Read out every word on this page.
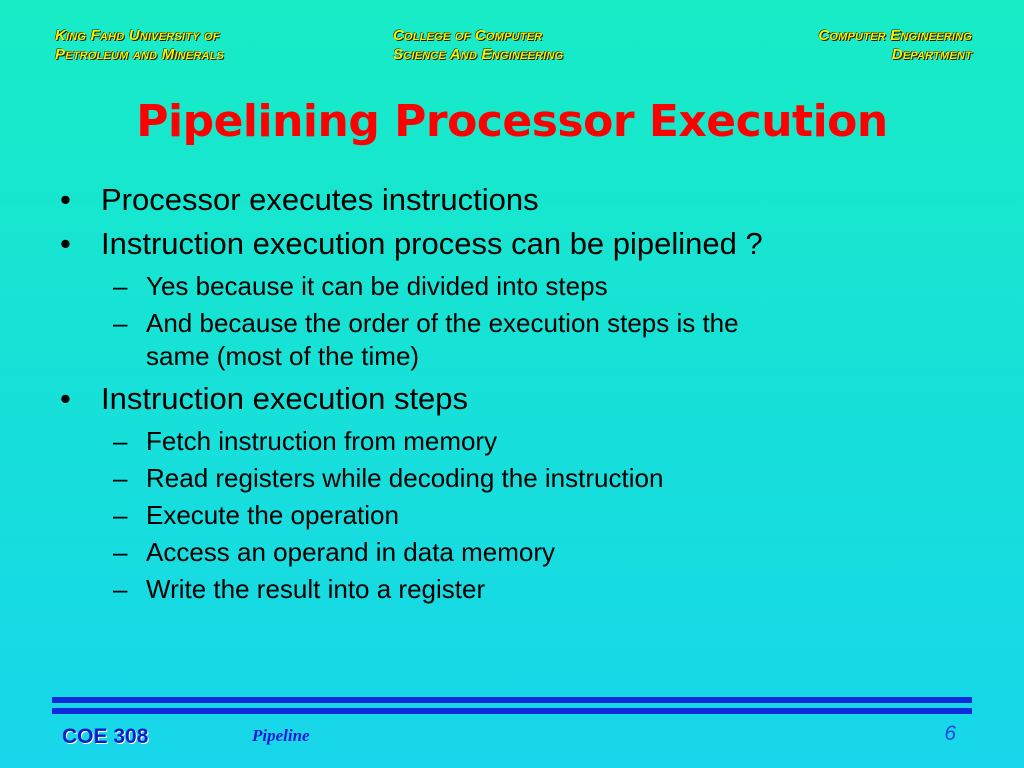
King Fahd University of
Petroleum and Minerals
College of Computer
Science And Engineering
Computer Engineering
Department
Pipelining Processor Execution
• Processor executes instructions
• Instruction execution process can be pipelined ?
– Yes because it can be divided into steps
– And because the order of the execution steps is the
same (most of the time)
• Instruction execution steps
– Fetch instruction from memory
– Read registers while decoding the instruction
– Execute the operation
– Access an operand in data memory
– Write the result into a register
COE 308	Pipeline	6
